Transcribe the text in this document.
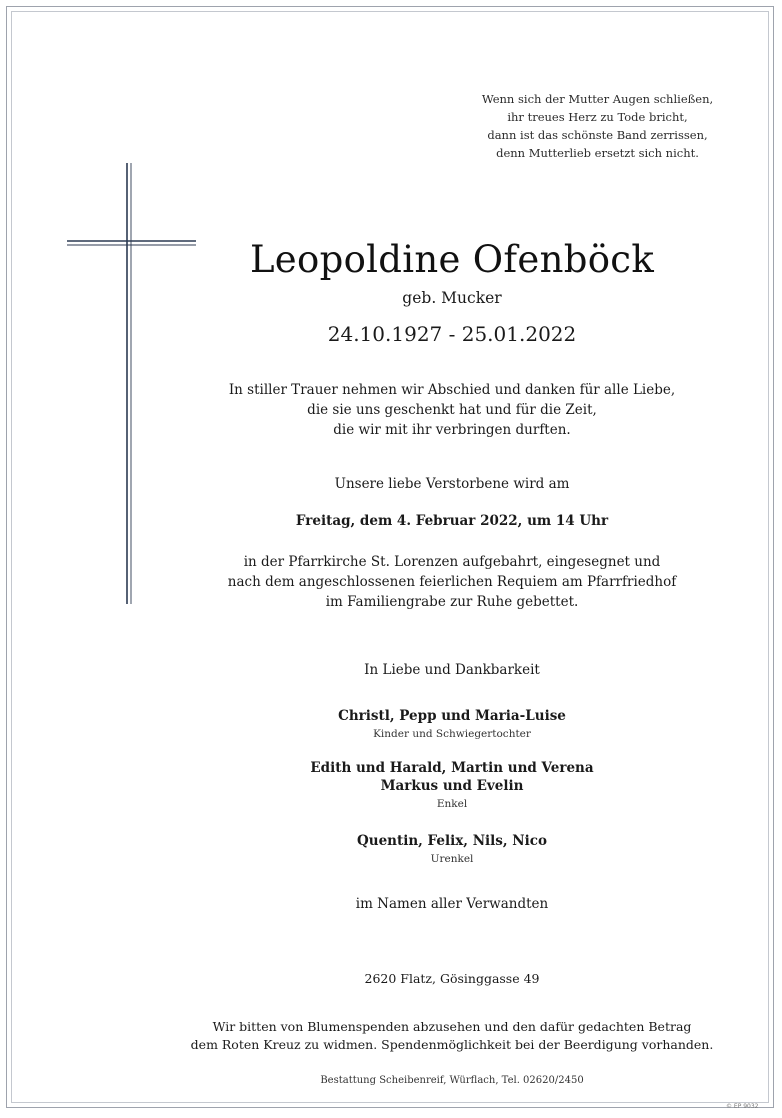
Wenn sich der Mutter Augen schließen,
ihr treues Herz zu Tode bricht,
dann ist das schönste Band zerrissen,
denn Mutterlieb ersetzt sich nicht.
Leopoldine Ofenböck
geb. Mucker
24.10.1927 - 25.01.2022
In stiller Trauer nehmen wir Abschied und danken für alle Liebe,
die sie uns geschenkt hat und für die Zeit,
die wir mit ihr verbringen durften.
Unsere liebe Verstorbene wird am
Freitag, dem 4. Februar 2022, um 14 Uhr
in der Pfarrkirche St. Lorenzen aufgebahrt, eingesegnet und
nach dem angeschlossenen feierlichen Requiem am Pfarrfriedhof
im Familiengrabe zur Ruhe gebettet.
In Liebe und Dankbarkeit
Christl, Pepp und Maria-Luise
Kinder und Schwiegertochter
Edith und Harald, Martin und Verena
Markus und Evelin
Enkel
Quentin, Felix, Nils, Nico
Urenkel
im Namen aller Verwandten
2620 Flatz, Gösinggasse 49
Wir bitten von Blumenspenden abzusehen und den dafür gedachten Betrag
dem Roten Kreuz zu widmen. Spendenmöglichkeit bei der Beerdigung vorhanden.
Bestattung Scheibenreif, Würflach, Tel. 02620/2450
© EP 9032
